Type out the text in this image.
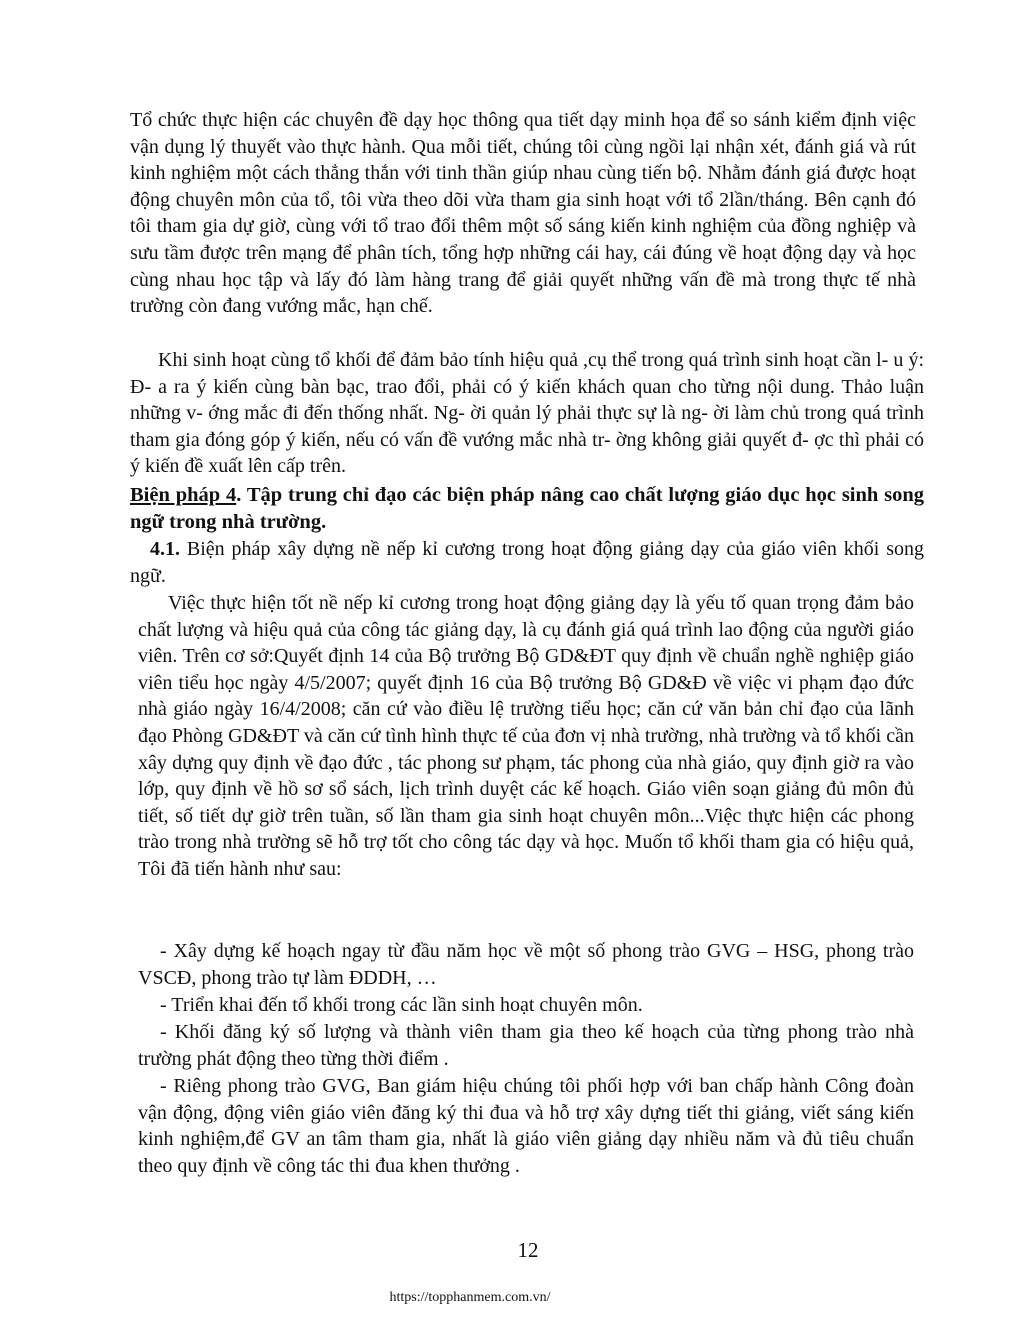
Tổ chức thực hiện các chuyên đề dạy học thông qua tiết dạy minh họa để so sánh kiểm định việc vận dụng lý thuyết vào thực hành. Qua mỗi tiết, chúng tôi cùng ngồi lại nhận xét, đánh giá và rút kinh nghiệm một cách thẳng thắn với tinh thần giúp nhau cùng tiến bộ. Nhằm đánh giá được hoạt động chuyên môn của tổ, tôi vừa theo dõi vừa tham gia sinh hoạt với tổ 2lần/tháng. Bên cạnh đó tôi tham gia dự giờ, cùng với tổ trao đổi thêm một số sáng kiến kinh nghiệm của đồng nghiệp và sưu tầm được trên mạng để phân tích, tổng hợp những cái hay, cái đúng về hoạt động dạy và học cùng nhau học tập và lấy đó làm hàng trang để giải quyết những vấn đề mà trong thực tế nhà trường còn đang vướng mắc, hạn chế.

Khi sinh hoạt cùng tổ khối để đảm bảo tính hiệu quả ,cụ thể trong quá trình sinh hoạt cần l- u ý: Đ- a ra ý kiến cùng bàn bạc, trao đổi, phải có ý kiến khách quan cho từng nội dung. Thảo luận những v- ớng mắc đi đến thống nhất. Ng- ời quản lý phải thực sự là ng- ời làm chủ trong quá trình tham gia đóng góp ý kiến, nếu có vấn đề vướng mắc nhà tr- ờng không giải quyết đ- ợc thì phải có ý kiến đề xuất lên cấp trên.

Biện pháp 4. Tập trung chỉ đạo các biện pháp nâng cao chất lượng giáo dục học sinh song ngữ trong nhà trường.

4.1. Biện pháp xây dựng nề nếp kỉ cương trong hoạt động giảng dạy của giáo viên khối song ngữ.

Việc thực hiện tốt nề nếp kỉ cương trong hoạt động giảng dạy là yếu tố quan trọng đảm bảo chất lượng và hiệu quả của công tác giảng dạy, là cụ đánh giá quá trình lao động của người giáo viên. Trên cơ sở:Quyết định 14 của Bộ trưởng Bộ GD&ĐT quy định về chuẩn nghề nghiệp giáo viên tiểu học ngày 4/5/2007; quyết định 16 của Bộ trưởng Bộ GD&Đ về việc vi phạm đạo đức nhà giáo ngày 16/4/2008; căn cứ vào điều lệ trường tiểu học; căn cứ văn bản chỉ đạo của lãnh đạo Phòng GD&ĐT và căn cứ tình hình thực tế của đơn vị nhà trường, nhà trường và tổ khối cần xây dựng quy định về đạo đức , tác phong sư phạm, tác phong của nhà giáo, quy định giờ ra vào lớp, quy định về hồ sơ sổ sách, lịch trình duyệt các kế hoạch. Giáo viên soạn giảng đủ môn đủ tiết, số tiết dự giờ trên tuần, số lần tham gia sinh hoạt chuyên môn...Việc thực hiện các phong trào trong nhà trường sẽ hỗ trợ tốt cho công tác dạy và học. Muốn tổ khối tham gia có hiệu quả, Tôi đã tiến hành như sau:

- Xây dựng kế hoạch ngay từ đầu năm học về một số phong trào GVG – HSG, phong trào VSCĐ, phong trào tự làm ĐDDH, …

- Triển khai đến tổ khối trong các lần sinh hoạt chuyên môn.

- Khối đăng ký số lượng và thành viên tham gia theo kế hoạch của từng phong trào nhà trường phát động theo từng thời điểm .

- Riêng phong trào GVG, Ban giám hiệu chúng tôi phối hợp với ban chấp hành Công đoàn vận động, động viên giáo viên đăng ký thi đua và hỗ trợ xây dựng tiết thi giảng, viết sáng kiến kinh nghiệm,để GV an tâm tham gia, nhất là giáo viên giảng dạy nhiều năm và đủ tiêu chuẩn theo quy định về công tác thi đua khen thưởng .

12

https://topphanmem.com.vn/
